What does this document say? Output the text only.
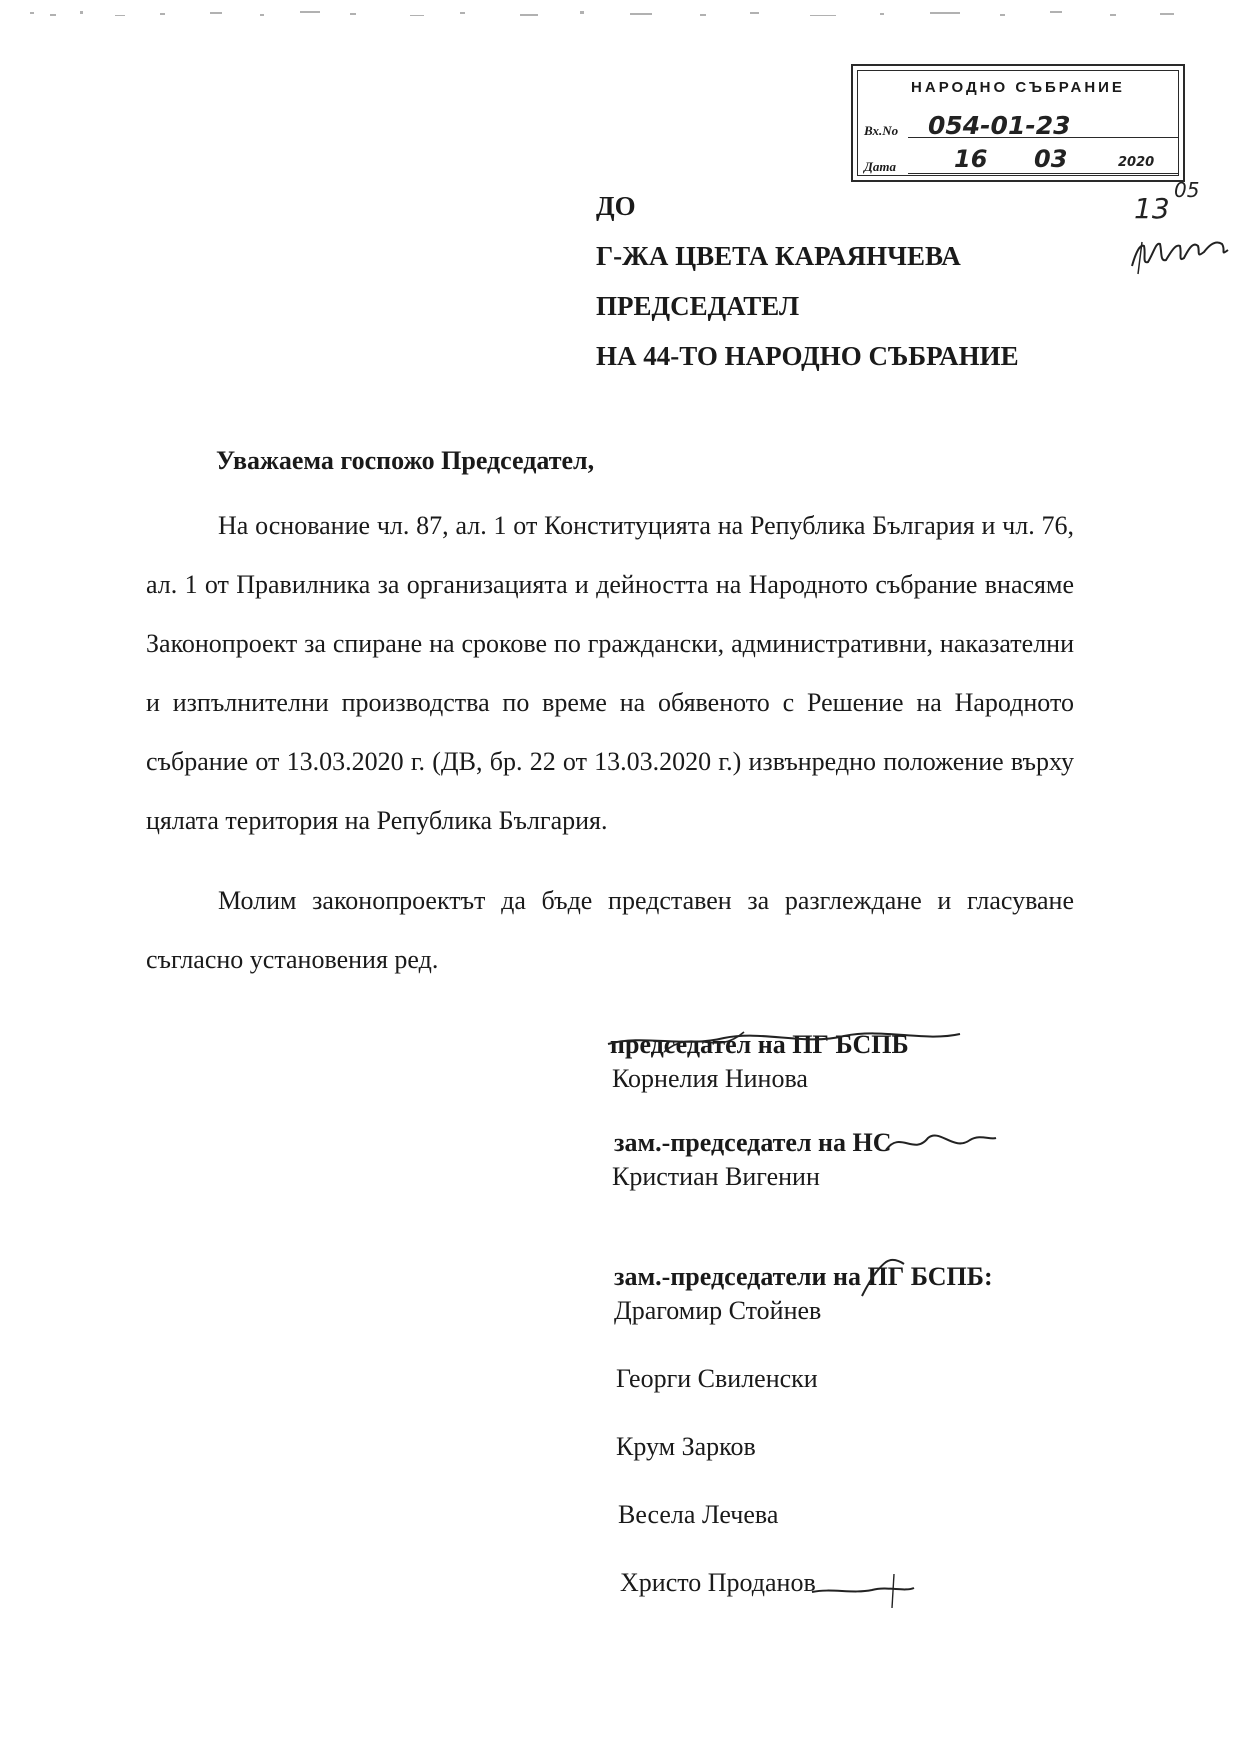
НАРОДНО СЪБРАНИЕ
Вх.No 054-01-23
Дата 16 03	2020
13
05
ДО
Г-ЖА ЦВЕТА КАРАЯНЧЕВА
ПРЕДСЕДАТЕЛ
НА 44-ТО НАРОДНО СЪБРАНИЕ
Уважаема госпожо Председател,
На основание чл. 87, ал. 1 от Конституцията на Република България и чл. 76, ал. 1 от Правилника за организацията и дейността на Народното събрание внасяме Законопроект за спиране на срокове по граждански, административни, наказателни и изпълнителни производства по време на обявеното с Решение на Народното събрание от 13.03.2020 г. (ДВ, бр. 22 от 13.03.2020 г.) извънредно положение върху цялата територия на Република България.
Молим законопроектът да бъде представен за разглеждане и гласуване съгласно установения ред.
председател на ПГ БСПБ
Корнелия Нинова
зам.-председател на НС
Кристиан Вигенин
зам.-председатели на ПГ БСПБ:
Драгомир Стойнев
Георги Свиленски
Крум Зарков
Весела Лечева
Христо Проданов
